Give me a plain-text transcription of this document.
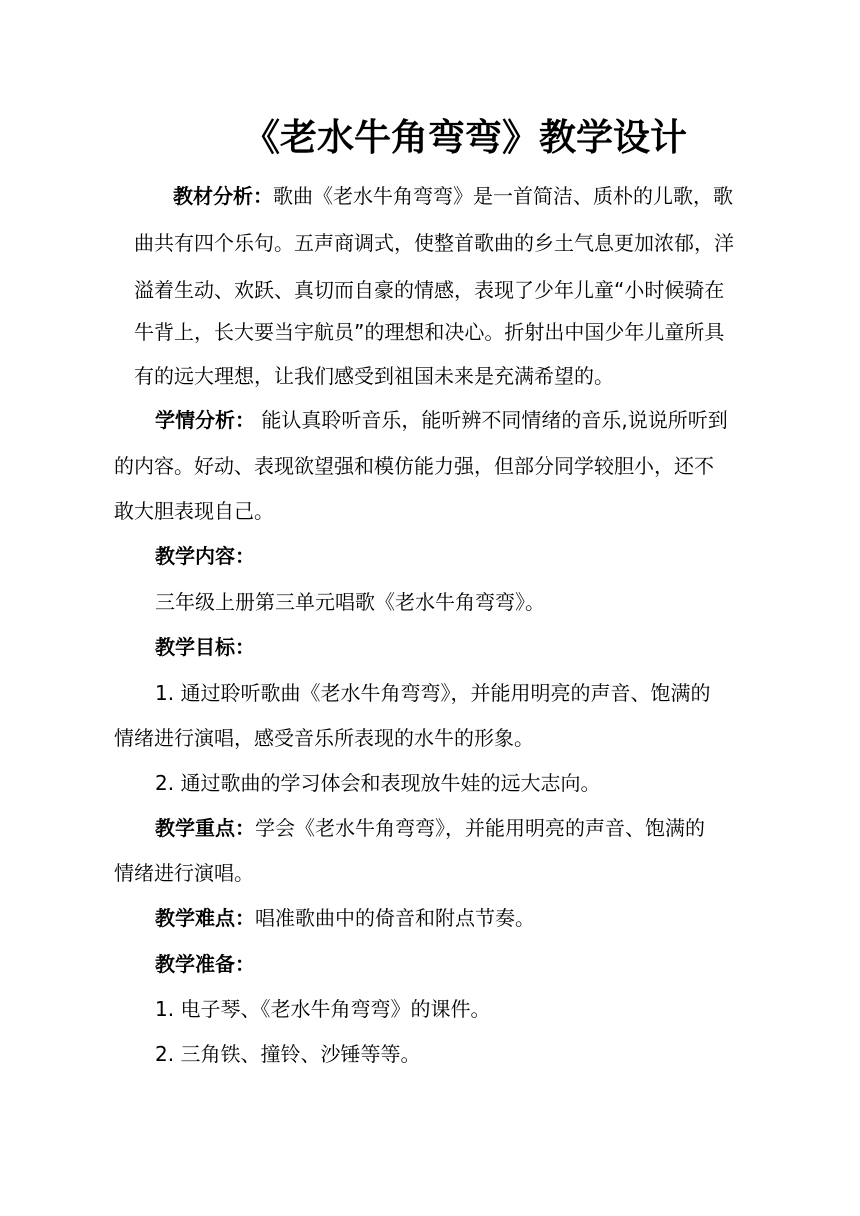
《老水牛角弯弯》教学设计
教材分析：歌曲《老水牛角弯弯》是一首简洁、质朴的儿歌，歌
曲共有四个乐句。五声商调式，使整首歌曲的乡土气息更加浓郁，洋
溢着生动、欢跃、真切而自豪的情感，表现了少年儿童“小时候骑在
牛背上，长大要当宇航员”的理想和决心。折射出中国少年儿童所具
有的远大理想，让我们感受到祖国未来是充满希望的。
学情分析： 能认真聆听音乐，能听辨不同情绪的音乐,说说所听到
的内容。好动、表现欲望强和模仿能力强，但部分同学较胆小，还不
敢大胆表现自己。
教学内容：
三年级上册第三单元唱歌《老水牛角弯弯》。
教学目标：
1. 通过聆听歌曲《老水牛角弯弯》，并能用明亮的声音、饱满的
情绪进行演唱，感受音乐所表现的水牛的形象。
2. 通过歌曲的学习体会和表现放牛娃的远大志向。
教学重点：学会《老水牛角弯弯》，并能用明亮的声音、饱满的
情绪进行演唱。
教学难点：唱准歌曲中的倚音和附点节奏。
教学准备：
1. 电子琴、《老水牛角弯弯》的课件。
2. 三角铁、撞铃、沙锤等等。
